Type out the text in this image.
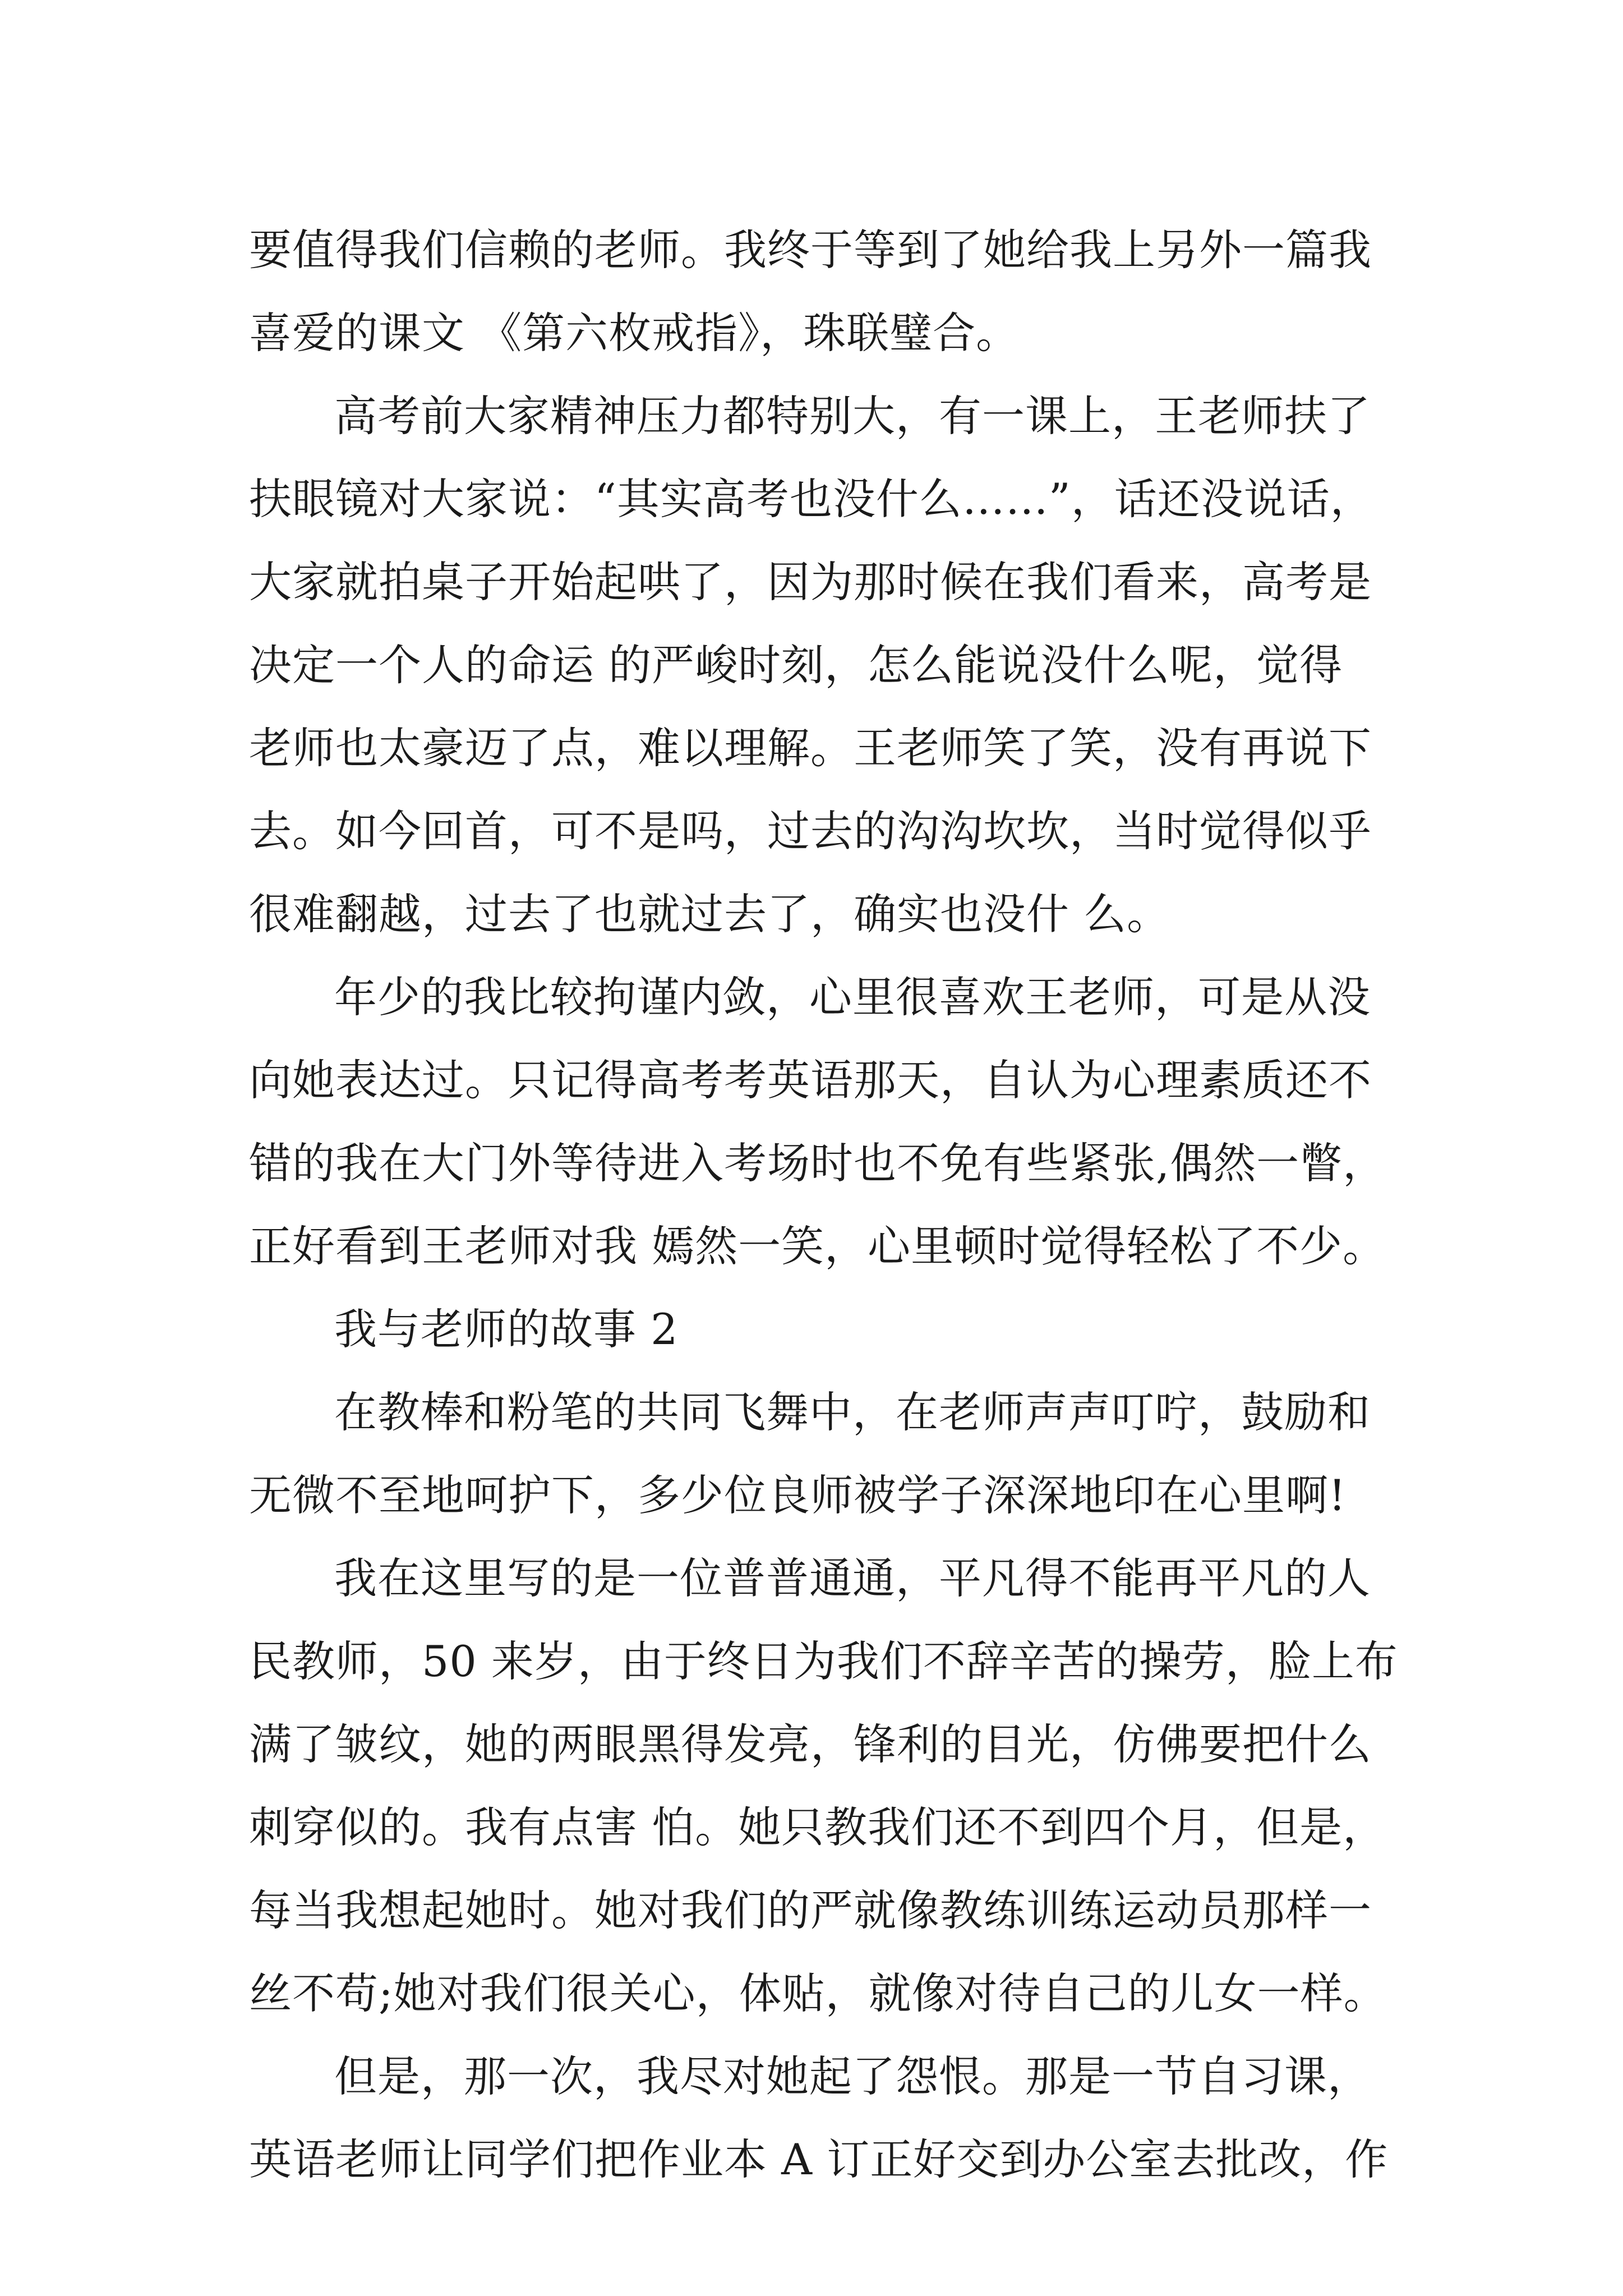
要值得我们信赖的老师。我终于等到了她给我上另外一篇我
喜爱的课文 《第六枚戒指》，珠联璧合。
高考前大家精神压力都特别大，有一课上，王老师扶了
扶眼镜对大家说：“其实高考也没什么……”，话还没说话，
大家就拍桌子开始起哄了，因为那时候在我们看来，高考是
决定一个人的命运 的严峻时刻，怎么能说没什么呢，觉得
老师也太豪迈了点，难以理解。王老师笑了笑，没有再说下
去。如今回首，可不是吗，过去的沟沟坎坎，当时觉得似乎
很难翻越，过去了也就过去了，确实也没什 么。
年少的我比较拘谨内敛，心里很喜欢王老师，可是从没
向她表达过。只记得高考考英语那天，自认为心理素质还不
错的我在大门外等待进入考场时也不免有些紧张,偶然一瞥，
正好看到王老师对我 嫣然一笑，心里顿时觉得轻松了不少。
我与老师的故事 2
在教棒和粉笔的共同飞舞中，在老师声声叮咛，鼓励和
无微不至地呵护下，多少位良师被学子深深地印在心里啊!
我在这里写的是一位普普通通，平凡得不能再平凡的人
民教师，50 来岁，由于终日为我们不辞辛苦的操劳，脸上布
满了皱纹，她的两眼黑得发亮，锋利的目光，仿佛要把什么
刺穿似的。我有点害 怕。她只教我们还不到四个月，但是，
每当我想起她时。她对我们的严就像教练训练运动员那样一
丝不苟;她对我们很关心，体贴，就像对待自己的儿女一样。
但是，那一次，我尽对她起了怨恨。那是一节自习课，
英语老师让同学们把作业本 A 订正好交到办公室去批改，作
